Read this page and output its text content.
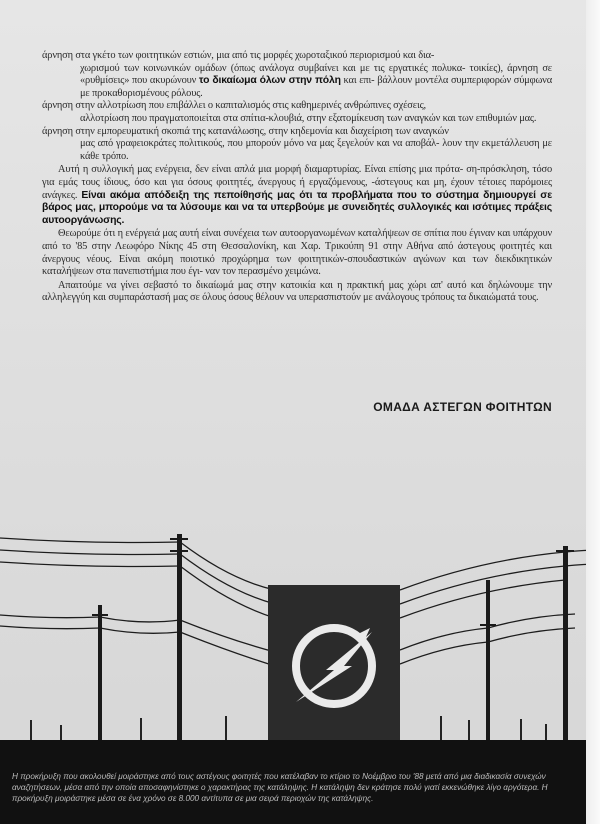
άρνηση στα γκέτο των φοιτητικών εστιών, μια από τις μορφές χωροταξικού περιορισμού και δια-
χωρισμού των κοινωνικών ομάδων (όπως ανάλογα συμβαίνει και με τις εργατικές πολυκα- τοικίες), άρνηση σε «ρυθμίσεις» που ακυρώνουν το δικαίωμα όλων στην πόλη και επι- βάλλουν μοντέλα συμπεριφορών σύμφωνα με προκαθορισμένους ρόλους.

άρνηση στην αλλοτρίωση που επιβάλλει ο καπιταλισμός στις καθημερινές ανθρώπινες σχέσεις,
αλλοτρίωση που πραγματοποιείται στα σπίτια-κλουβιά, στην εξατομίκευση των αναγκών και των επιθυμιών μας.

άρνηση στην εμπορευματική σκοπιά της κατανάλωσης, στην κηδεμονία και διαχείριση των αναγκών
μας από γραφειοκράτες πολιτικούς, που μπορούν μόνο να μας ξεγελούν και να αποβάλ- λουν την εκμετάλλευση με κάθε τρόπο.

Αυτή η συλλογική μας ενέργεια, δεν είναι απλά μια μορφή διαμαρτυρίας. Είναι επίσης μια πρότα- ση-πρόσκληση, τόσο για εμάς τους ίδιους, όσο και για όσους φοιτητές, άνεργους ή εργαζόμενους, -άστεγους και μη, έχουν τέτοιες παρόμοιες ανάγκες. Είναι ακόμα απόδειξη της πεποίθησής μας ότι τα προβλήματα που το σύστημα δημιουργεί σε βάρος μας, μπορούμε να τα λύσουμε και να τα υπερβούμε με συνειδητές συλλογικές και ισότιμες πράξεις αυτοοργάνωσης.

Θεωρούμε ότι η ενέργειά μας αυτή είναι συνέχεια των αυτοοργανωμένων καταλήψεων σε σπίτια που έγιναν και υπάρχουν από το '85 στην Λεωφόρο Νίκης 45 στη Θεσσαλονίκη, και Χαρ. Τρικούπη 91 στην Αθήνα από άστεγους φοιτητές και άνεργους νέους. Είναι ακόμη ποιοτικό προχώρημα των φοιτητικών-σπουδαστικών αγώνων και των διεκδικητικών καταλήψεων στα πανεπιστήμια που έγι- ναν τον περασμένο χειμώνα.

Απαιτούμε να γίνει σεβαστό το δικαίωμά μας στην κατοικία και η πρακτική μας χώρι απ' αυτό και δηλώνουμε την αλληλεγγύη και συμπαράστασή μας σε όλους όσους θέλουν να υπερασπιστούν με ανάλογους τρόπους τα δικαιώματά τους.

ΟΜΑΔΑ ΑΣΤΕΓΩΝ ΦΟΙΤΗΤΩΝ
Η προκήρυξη που ακολουθεί μοιράστηκε από τους αστέγους φοιτητές που κατέλαβαν το κτίριο το Νοέμβριο του '88 μετά από μια διαδικασία συνεχών αναζητήσεων, μέσα από την οποία αποσαφηνίστηκε ο χαρακτήρας της κατάληψης. Η κατάληψη δεν κράτησε πολύ γιατί εκκενώθηκε λίγο αργότερα. Η προκήρυξη μοιράστηκε μέσα σε ένα χρόνο σε 8.000 αντίτυπα σε μια σειρά περιοχών της κατάληψης.
